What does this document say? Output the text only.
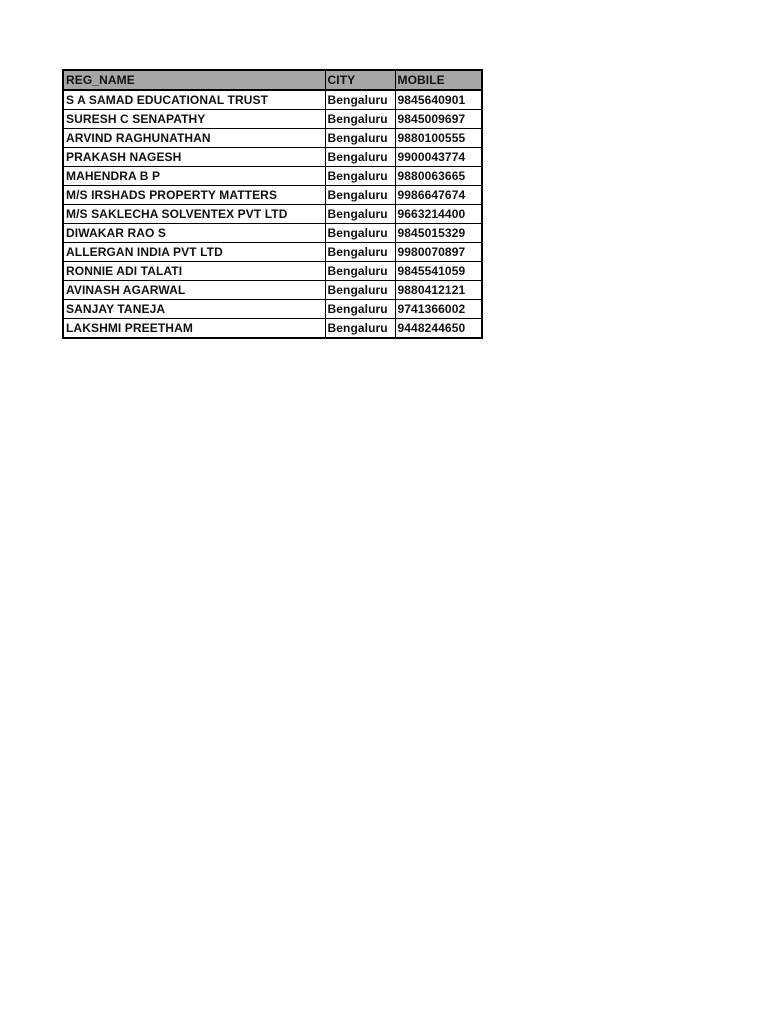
REG_NAME	CITY	MOBILE
S A SAMAD EDUCATIONAL TRUST	Bengaluru	9845640901
SURESH C SENAPATHY	Bengaluru	9845009697
ARVIND RAGHUNATHAN	Bengaluru	9880100555
PRAKASH NAGESH	Bengaluru	9900043774
MAHENDRA B P	Bengaluru	9880063665
M/S IRSHADS PROPERTY MATTERS	Bengaluru	9986647674
M/S SAKLECHA SOLVENTEX PVT LTD	Bengaluru	9663214400
DIWAKAR RAO S	Bengaluru	9845015329
ALLERGAN INDIA PVT LTD	Bengaluru	9980070897
RONNIE ADI TALATI	Bengaluru	9845541059
AVINASH AGARWAL	Bengaluru	9880412121
SANJAY TANEJA	Bengaluru	9741366002
LAKSHMI PREETHAM	Bengaluru	9448244650
